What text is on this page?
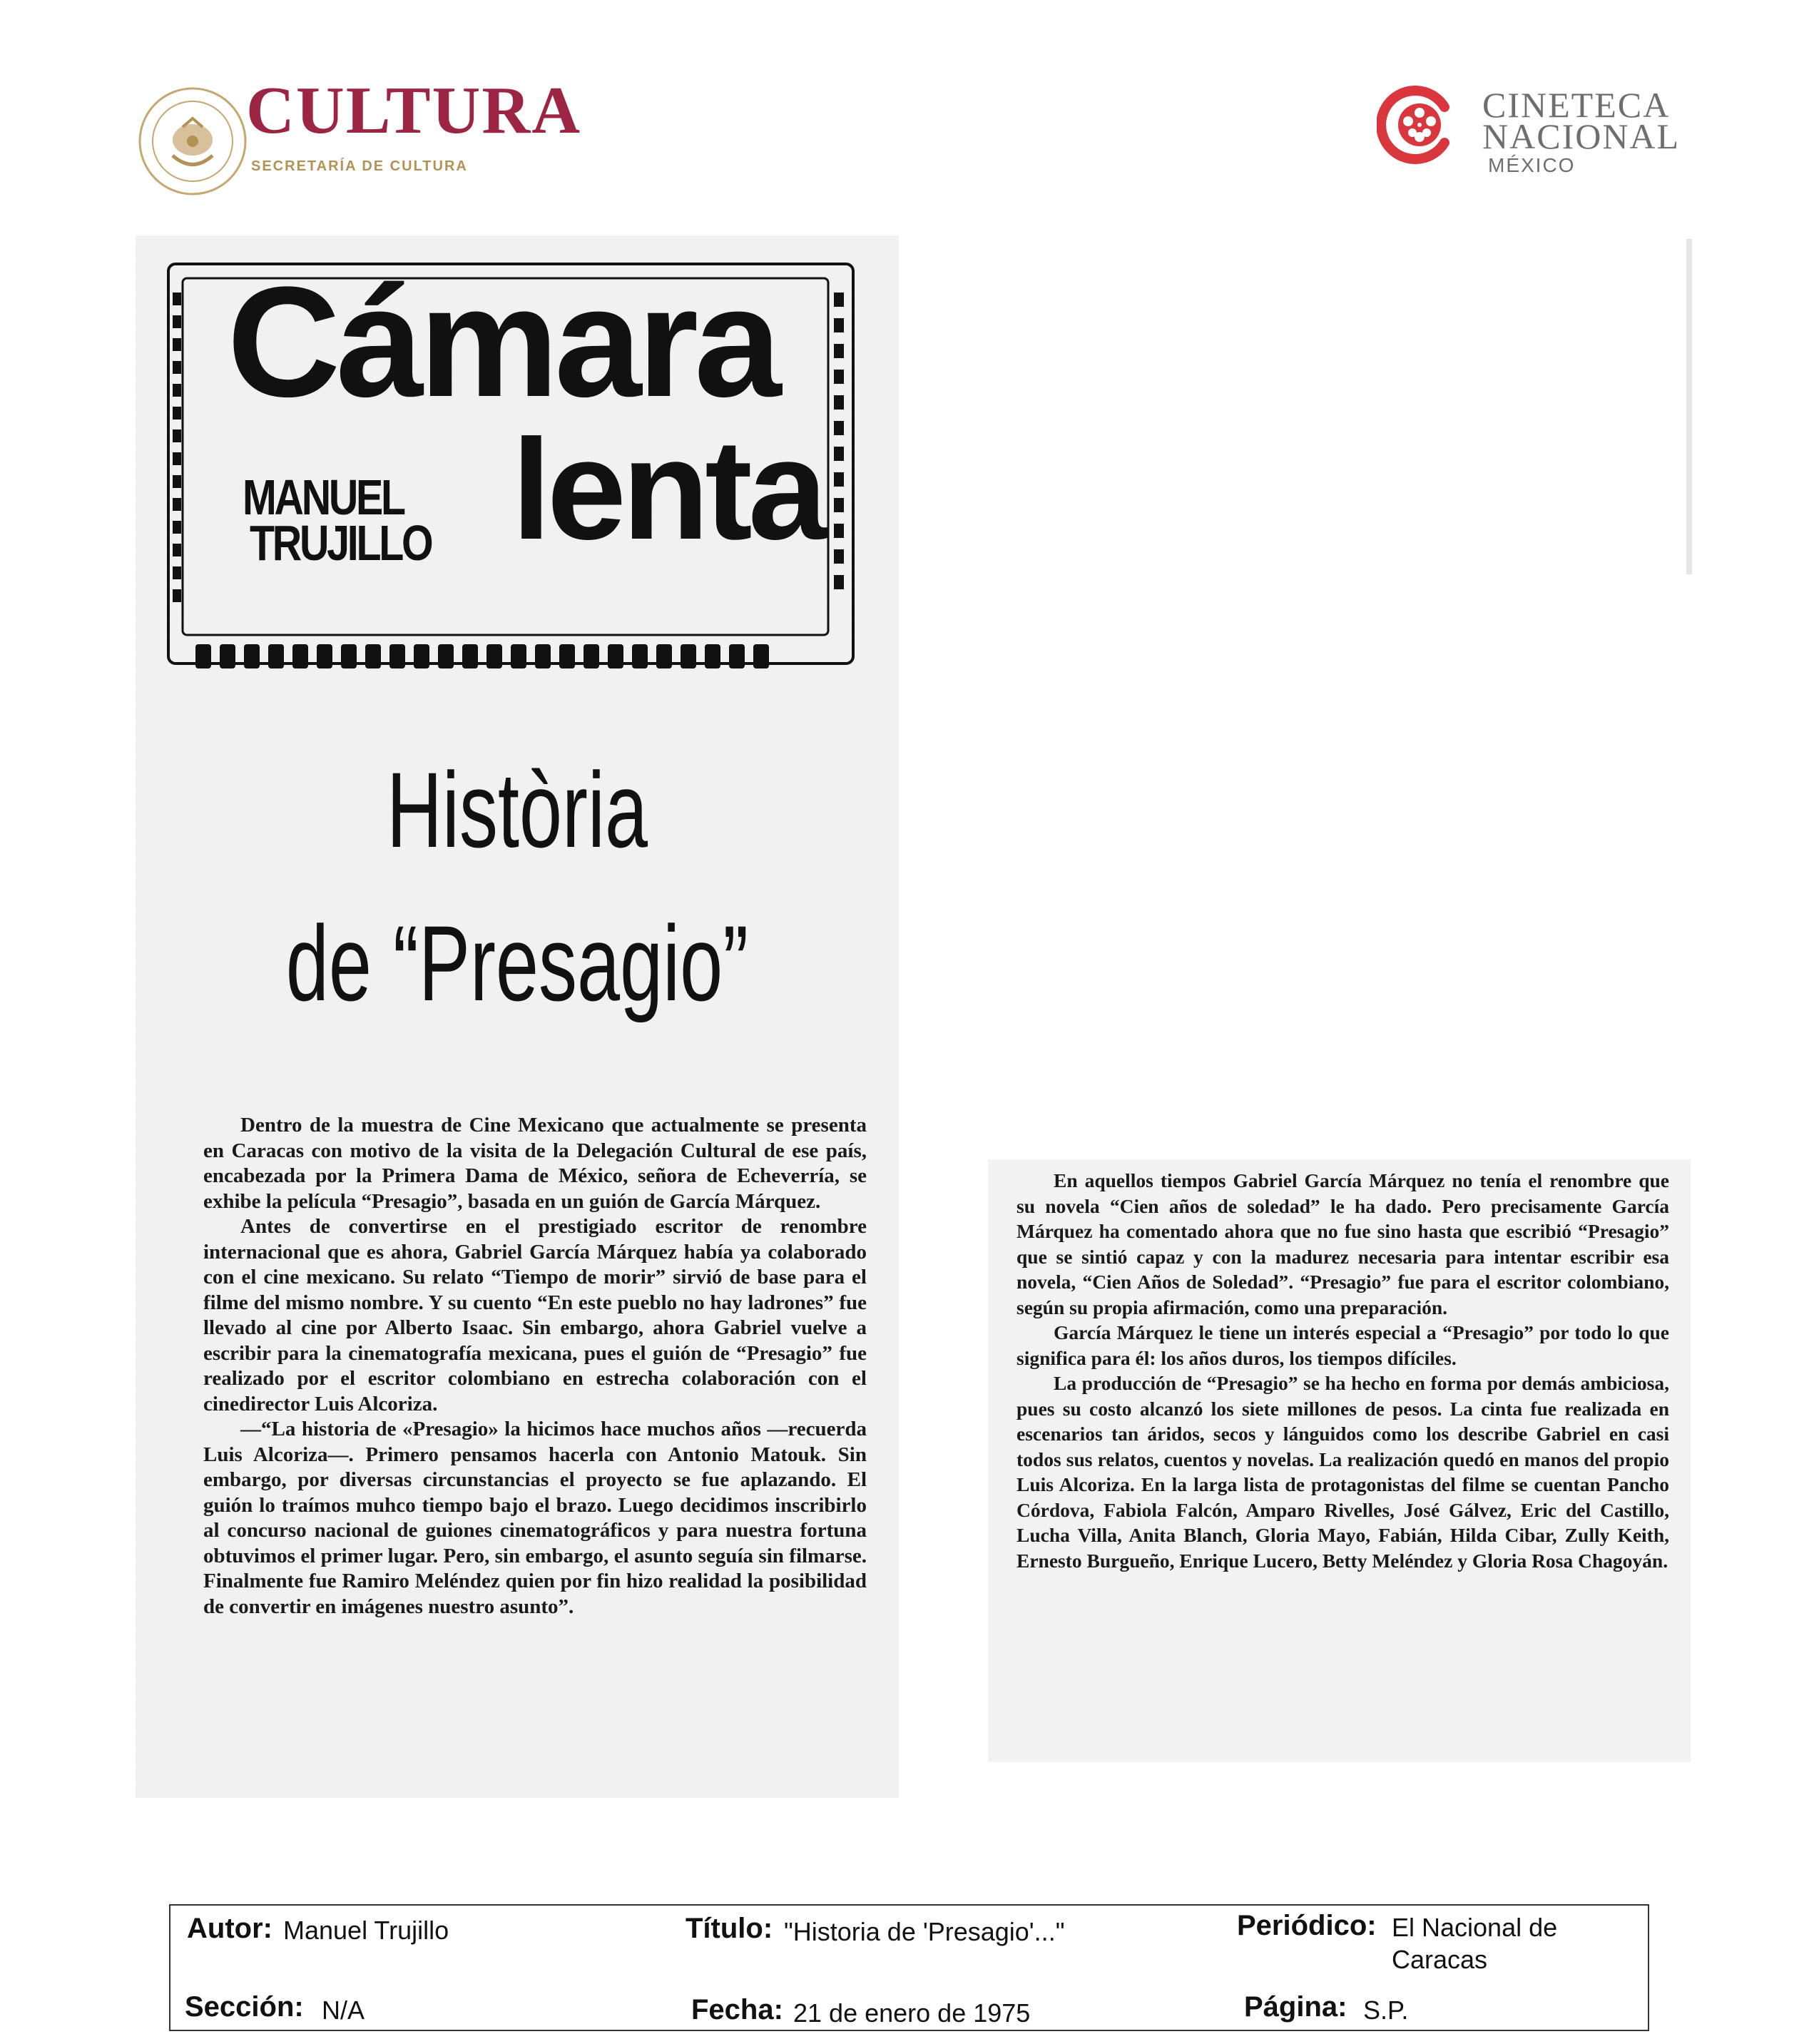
CULTURA
SECRETARÍA DE CULTURA
CINETECA
NACIONAL
MÉXICO
Cámara
lenta
MANUEL
TRUJILLO
Història
de “Presagio”

Dentro de la muestra de Cine Mexicano que actualmente se presenta en Caracas con motivo de la visita de la Delegación Cultural de ese país, encabezada por la Primera Dama de México, señora de Echeverría, se exhibe la película “Presagio”, basada en un guión de García Márquez.

Antes de convertirse en el prestigiado escritor de renombre internacional que es ahora, Gabriel García Márquez había ya colaborado con el cine mexicano. Su relato “Tiempo de morir” sirvió de base para el filme del mismo nombre. Y su cuento “En este pueblo no hay ladrones” fue llevado al cine por Alberto Isaac. Sin embargo, ahora Gabriel vuelve a escribir para la cinematografía mexicana, pues el guión de “Presagio” fue realizado por el escritor colombiano en estrecha colaboración con el cinedirector Luis Alcoriza.

—“La historia de «Presagio» la hicimos hace muchos años —recuerda Luis Alcoriza—. Primero pensamos hacerla con Antonio Matouk. Sin embargo, por diversas circunstancias el proyecto se fue aplazando. El guión lo traímos muhco tiempo bajo el brazo. Luego decidimos inscribirlo al concurso nacional de guiones cinematográficos y para nuestra fortuna obtuvimos el primer lugar. Pero, sin embargo, el asunto seguía sin filmarse. Finalmente fue Ramiro Meléndez quien por fin hizo realidad la posibilidad de convertir en imágenes nuestro asunto”.

En aquellos tiempos Gabriel García Márquez no tenía el renombre que su novela “Cien años de soledad” le ha dado. Pero precisamente García Márquez ha comentado ahora que no fue sino hasta que escribió “Presagio” que se sintió capaz y con la madurez necesaria para intentar escribir esa novela, “Cien Años de Soledad”. “Presagio” fue para el escritor colombiano, según su propia afirmación, como una preparación.

García Márquez le tiene un interés especial a “Presagio” por todo lo que significa para él: los años duros, los tiempos difíciles.

La producción de “Presagio” se ha hecho en forma por demás ambiciosa, pues su costo alcanzó los siete millones de pesos. La cinta fue realizada en escenarios tan áridos, secos y lánguidos como los describe Gabriel en casi todos sus relatos, cuentos y novelas. La realización quedó en manos del propio Luis Alcoriza. En la larga lista de protagonistas del filme se cuentan Pancho Córdova, Fabiola Falcón, Amparo Rivelles, José Gálvez, Eric del Castillo, Lucha Villa, Anita Blanch, Gloria Mayo, Fabián, Hilda Cibar, Zully Keith, Ernesto Burgueño, Enrique Lucero, Betty Meléndez y Gloria Rosa Chagoyán.

Autor: Manuel Trujillo	Título: "Historia de 'Presagio'..."	Periódico: El Nacional de
Caracas
Sección: N/A	Fecha: 21 de enero de 1975	Página: S.P.
